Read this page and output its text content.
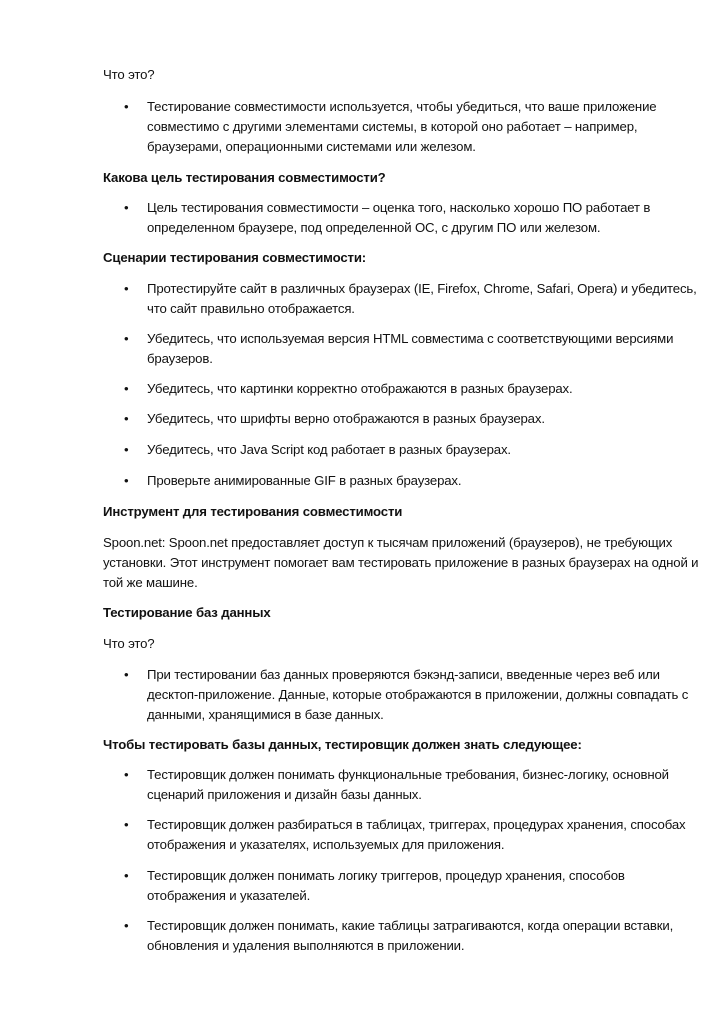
Что это?
• Тестирование совместимости используется, чтобы убедиться, что ваше приложение
совместимо с другими элементами системы, в которой оно работает – например,
браузерами, операционными системами или железом.
Какова цель тестирования совместимости?
• Цель тестирования совместимости – оценка того, насколько хорошо ПО работает в
определенном браузере, под определенной ОС, с другим ПО или железом.
Сценарии тестирования совместимости:
• Протестируйте сайт в различных браузерах (IE, Firefox, Chrome, Safari, Opera) и убедитесь,
что сайт правильно отображается.
• Убедитесь, что используемая версия HTML совместима с соответствующими версиями
браузеров.
• Убедитесь, что картинки корректно отображаются в разных браузерах.
• Убедитесь, что шрифты верно отображаются в разных браузерах.
• Убедитесь, что Java Script код работает в разных браузерах.
• Проверьте анимированные GIF в разных браузерах.
Инструмент для тестирования совместимости
Spoon.net: Spoon.net предоставляет доступ к тысячам приложений (браузеров), не требующих
установки. Этот инструмент помогает вам тестировать приложение в разных браузерах на одной и
той же машине.
Тестирование баз данных
Что это?
• При тестировании баз данных проверяются бэкэнд-записи, введенные через веб или
десктоп-приложение. Данные, которые отображаются в приложении, должны совпадать с
данными, хранящимися в базе данных.
Чтобы тестировать базы данных, тестировщик должен знать следующее:
• Тестировщик должен понимать функциональные требования, бизнес-логику, основной
сценарий приложения и дизайн базы данных.
• Тестировщик должен разбираться в таблицах, триггерах, процедурах хранения, способах
отображения и указателях, используемых для приложения.
• Тестировщик должен понимать логику триггеров, процедур хранения, способов
отображения и указателей.
• Тестировщик должен понимать, какие таблицы затрагиваются, когда операции вставки,
обновления и удаления выполняются в приложении.
